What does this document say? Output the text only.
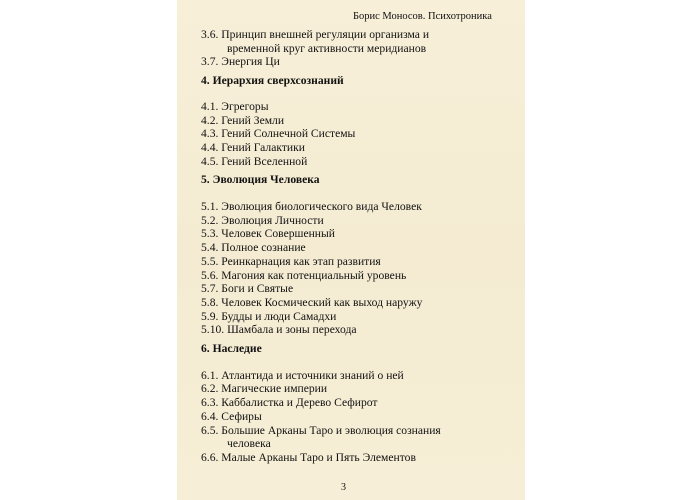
Борис Моносов. Психотроника
3.6. Принцип внешней регуляции организма и
временной круг активности меридианов
3.7. Энергия Ци
4. Иерархия сверхсознаний
4.1. Эгрегоры
4.2. Гений Земли
4.3. Гений Солнечной Системы
4.4. Гений Галактики
4.5. Гений Вселенной
5. Эволюция Человека
5.1. Эволюция биологического вида Человек
5.2. Эволюция Личности
5.3. Человек Совершенный
5.4. Полное сознание
5.5. Реинкарнация как этап развития
5.6. Магония как потенциальный уровень
5.7. Боги и Святые
5.8. Человек Космический как выход наружу
5.9. Будды и люди Самадхи
5.10. Шамбала и зоны перехода
6. Наследие
6.1. Атлантида и источники знаний о ней
6.2. Магические империи
6.3. Каббалистка и Дерево Сефирот
6.4. Сефиры
6.5. Большие Арканы Таро и эволюция сознания
человека
6.6. Малые Арканы Таро и Пять Элементов
3
